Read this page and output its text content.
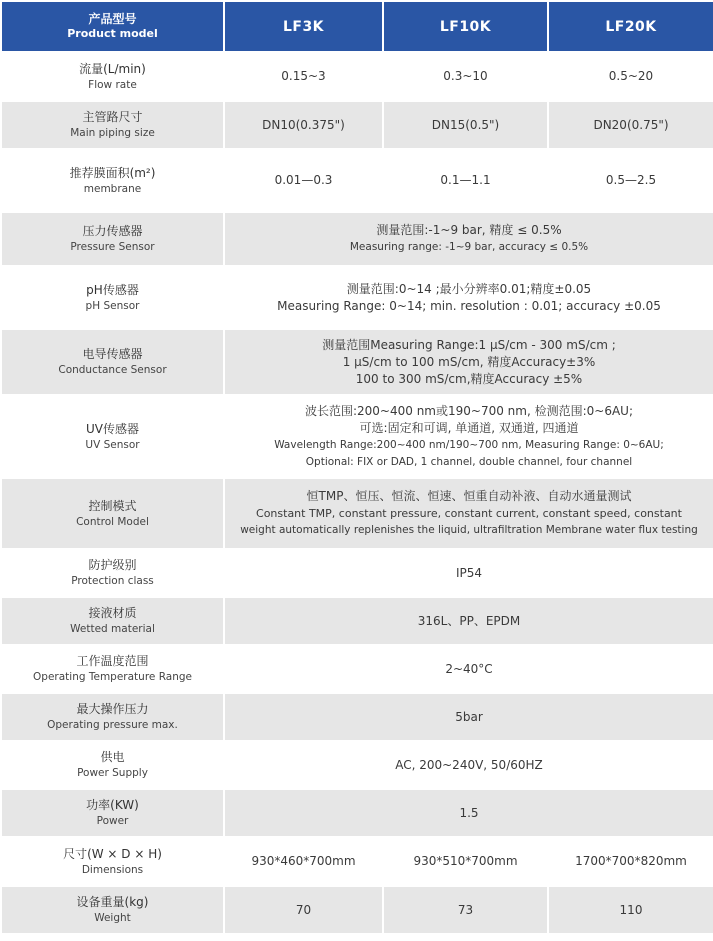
产品型号
Product model	LF3K	LF10K	LF20K

流量(L/min)
Flow rate	0.15~3	0.3~10	0.5~20

主管路尺寸
Main piping size	DN10(0.375")	DN15(0.5")	DN20(0.75")

推荐膜面积(m²)
membrane	0.01—0.3	0.1—1.1	0.5—2.5

压力传感器
Pressure Sensor	测量范围:-1~9 bar, 精度 ≤ 0.5%
Measuring range: -1~9 bar, accuracy ≤ 0.5%		

pH传感器
pH Sensor	测量范围:0~14 ;最小分辨率0.01;精度±0.05
Measuring Range: 0~14; min. resolution : 0.01; accuracy ±0.05		

电导传感器
Conductance Sensor	测量范围Measuring Range:1 μS/cm - 300 mS/cm ;
1 μS/cm to 100 mS/cm, 精度Accuracy±3%
100 to 300 mS/cm,精度Accuracy ±5%		

UV传感器
UV Sensor	波长范围:200~400 nm或190~700 nm, 检测范围:0~6AU;
可选:固定和可调, 单通道, 双通道, 四通道
Wavelength Range:200~400 nm/190~700 nm, Measuring Range: 0~6AU;
Optional: FIX or DAD, 1 channel, double channel, four channel		

控制模式
Control Model	恒TMP、恒压、恒流、恒速、恒重自动补液、自动水通量测试
Constant TMP, constant pressure, constant current, constant speed, constant
weight automatically replenishes the liquid, ultrafiltration Membrane water flux testing		

防护级别
Protection class	IP54		

接液材质
Wetted material	316L、PP、EPDM		

工作温度范围
Operating Temperature Range	2~40°C		

最大操作压力
Operating pressure max.	5bar		

供电
Power Supply	AC, 200~240V, 50/60HZ		

功率(KW)
Power	1.5		

尺寸(W × D × H)
Dimensions	930*460*700mm	930*510*700mm	1700*700*820mm

设备重量(kg)
Weight	70	73	110
